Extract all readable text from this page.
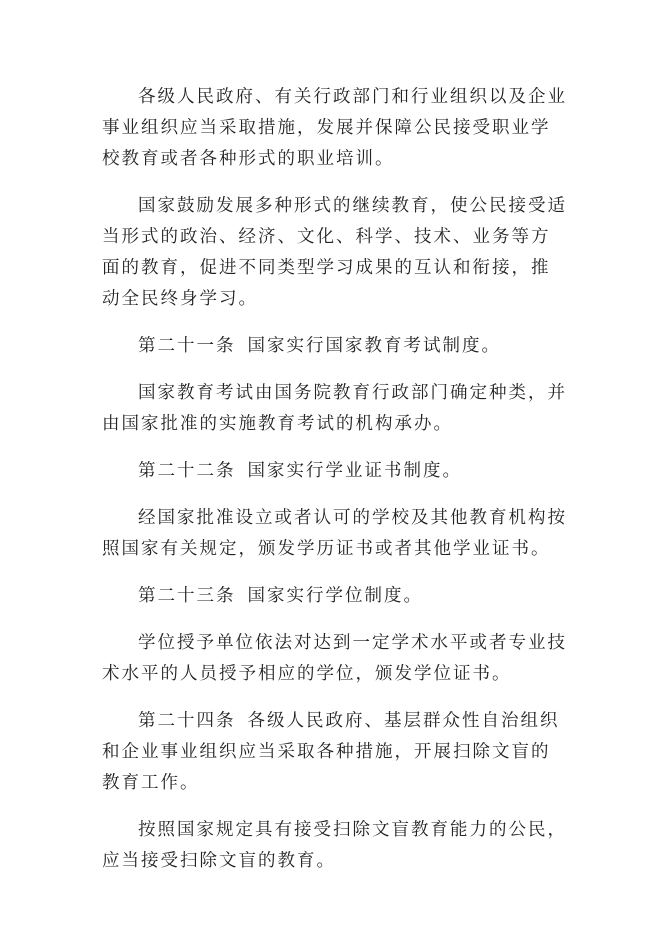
各级人民政府、有关行政部门和行业组织以及企业事业组织应当采取措施，发展并保障公民接受职业学校教育或者各种形式的职业培训。

国家鼓励发展多种形式的继续教育，使公民接受适当形式的政治、经济、文化、科学、技术、业务等方面的教育，促进不同类型学习成果的互认和衔接，推动全民终身学习。

第二十一条 国家实行国家教育考试制度。

国家教育考试由国务院教育行政部门确定种类，并由国家批准的实施教育考试的机构承办。

第二十二条 国家实行学业证书制度。

经国家批准设立或者认可的学校及其他教育机构按照国家有关规定，颁发学历证书或者其他学业证书。

第二十三条 国家实行学位制度。

学位授予单位依法对达到一定学术水平或者专业技术水平的人员授予相应的学位，颁发学位证书。

第二十四条 各级人民政府、基层群众性自治组织和企业事业组织应当采取各种措施，开展扫除文盲的教育工作。

按照国家规定具有接受扫除文盲教育能力的公民，应当接受扫除文盲的教育。
